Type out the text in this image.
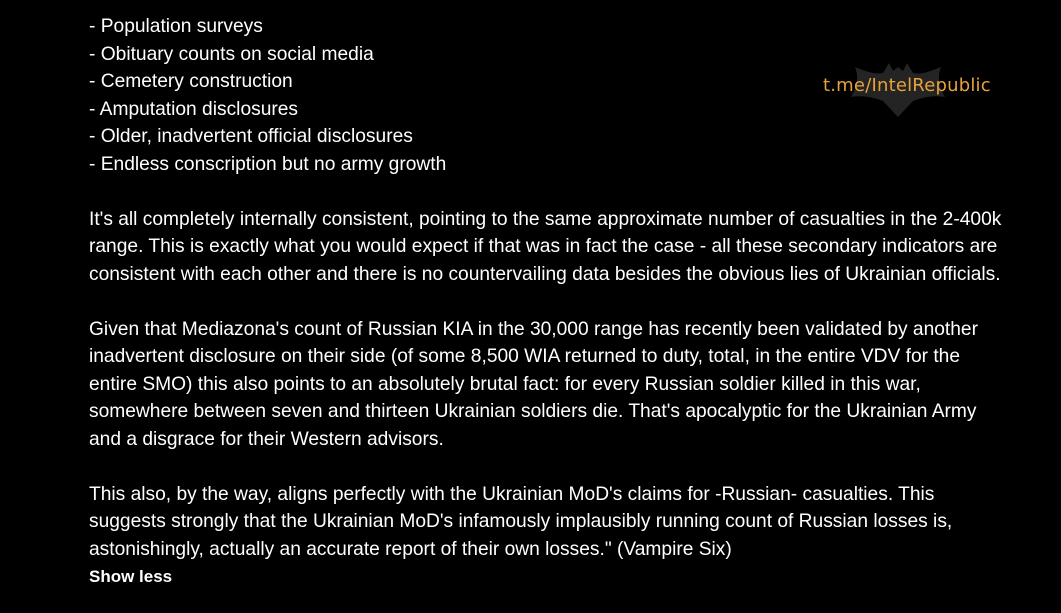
- Population surveys
- Obituary counts on social media
- Cemetery construction
- Amputation disclosures
- Older, inadvertent official disclosures
- Endless conscription but no army growth
It's all completely internally consistent, pointing to the same approximate number of casualties in the 2-400k range. This is exactly what you would expect if that was in fact the case - all these secondary indicators are consistent with each other and there is no countervailing data besides the obvious lies of Ukrainian officials.
Given that Mediazona's count of Russian KIA in the 30,000 range has recently been validated by another inadvertent disclosure on their side (of some 8,500 WIA returned to duty, total, in the entire VDV for the entire SMO) this also points to an absolutely brutal fact: for every Russian soldier killed in this war, somewhere between seven and thirteen Ukrainian soldiers die. That's apocalyptic for the Ukrainian Army and a disgrace for their Western advisors.
This also, by the way, aligns perfectly with the Ukrainian MoD's claims for -Russian- casualties. This suggests strongly that the Ukrainian MoD's infamously implausibly running count of Russian losses is, astonishingly, actually an accurate report of their own losses." (Vampire Six)
Show less
t.me/IntelRepublic
